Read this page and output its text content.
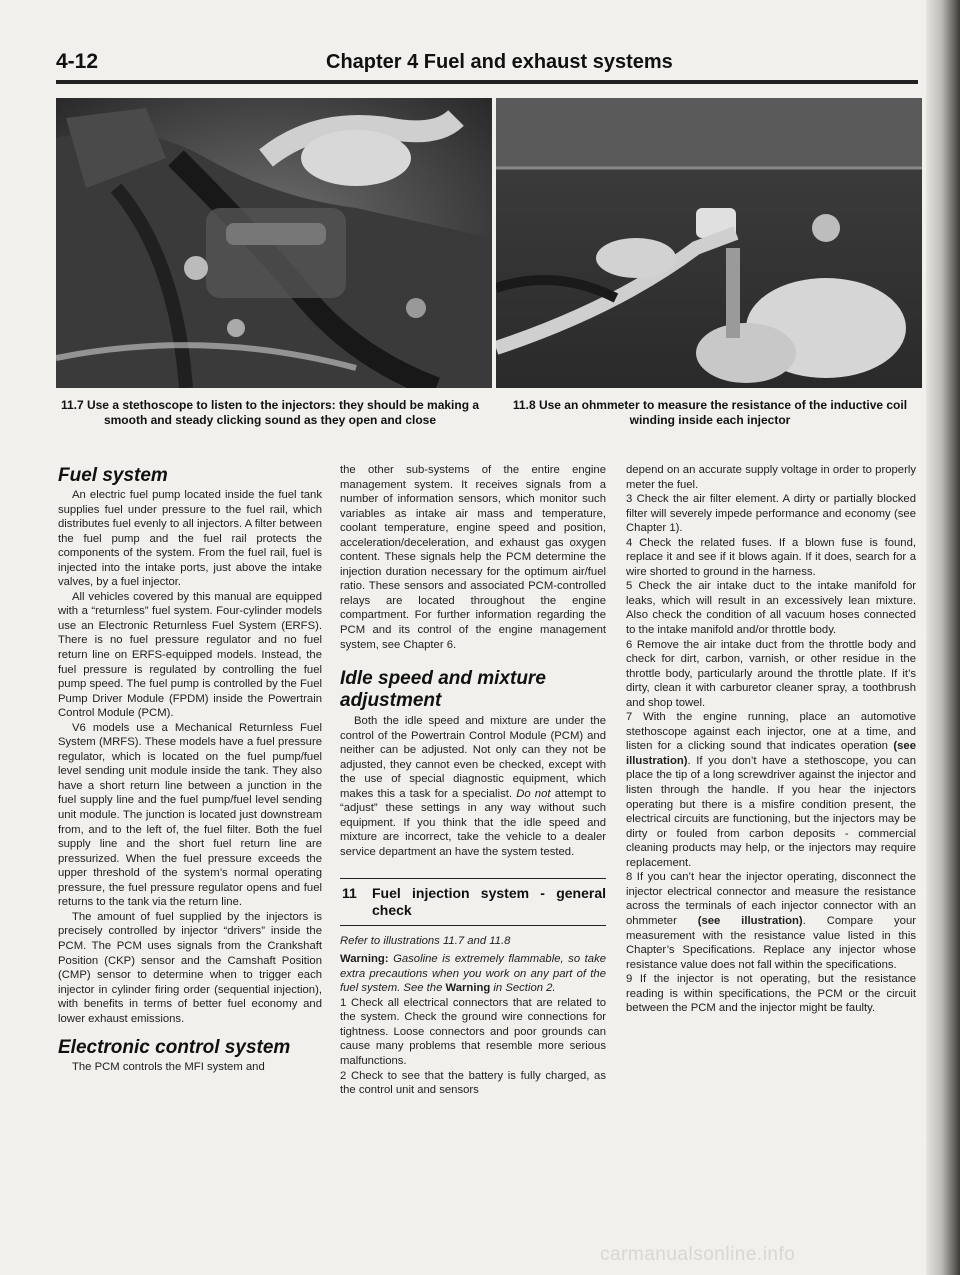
4-12	Chapter 4 Fuel and exhaust systems
11.7 Use a stethoscope to listen to the injectors: they should be making a smooth and steady clicking sound as they open and close
11.8 Use an ohmmeter to measure the resistance of the inductive coil winding inside each injector
Fuel system

An electric fuel pump located inside the fuel tank supplies fuel under pressure to the fuel rail, which distributes fuel evenly to all injectors. A filter between the fuel pump and the fuel rail protects the components of the system. From the fuel rail, fuel is injected into the intake ports, just above the intake valves, by a fuel injector.

All vehicles covered by this manual are equipped with a “returnless” fuel system. Four-cylinder models use an Electronic Returnless Fuel System (ERFS). There is no fuel pressure regulator and no fuel return line on ERFS-equipped models. Instead, the fuel pressure is regulated by controlling the fuel pump speed. The fuel pump is controlled by the Fuel Pump Driver Module (FPDM) inside the Powertrain Control Module (PCM).

V6 models use a Mechanical Returnless Fuel System (MRFS). These models have a fuel pressure regulator, which is located on the fuel pump/fuel level sending unit module inside the tank. They also have a short return line between a junction in the fuel supply line and the fuel pump/fuel level sending unit module. The junction is located just downstream from, and to the left of, the fuel filter. Both the fuel supply line and the short fuel return line are pressurized. When the fuel pressure exceeds the upper threshold of the system’s normal operating pressure, the fuel pressure regulator opens and fuel returns to the tank via the return line.

The amount of fuel supplied by the injectors is precisely controlled by injector “drivers” inside the PCM. The PCM uses signals from the Crankshaft Position (CKP) sensor and the Camshaft Position (CMP) sensor to determine when to trigger each injector in cylinder firing order (sequential injection), with benefits in terms of better fuel economy and lower exhaust emissions.

Electronic control system

The PCM controls the MFI system and

the other sub-systems of the entire engine management system. It receives signals from a number of information sensors, which monitor such variables as intake air mass and temperature, coolant temperature, engine speed and position, acceleration/deceleration, and exhaust gas oxygen content. These signals help the PCM determine the injection duration necessary for the optimum air/fuel ratio. These sensors and associated PCM-controlled relays are located throughout the engine compartment. For further information regarding the PCM and its control of the engine management system, see Chapter 6.

Idle speed and mixture
adjustment

Both the idle speed and mixture are under the control of the Powertrain Control Module (PCM) and neither can be adjusted. Not only can they not be adjusted, they cannot even be checked, except with the use of special diagnostic equipment, which makes this a task for a specialist. Do not attempt to “adjust” these settings in any way without such equipment. If you think that the idle speed and mixture are incorrect, take the vehicle to a dealer service department an have the system tested.

11	Fuel injection system - general check

Refer to illustrations 11.7 and 11.8

Warning: Gasoline is extremely flammable, so take extra precautions when you work on any part of the fuel system. See the Warning in Section 2.

1 Check all electrical connectors that are related to the system. Check the ground wire connections for tightness. Loose connectors and poor grounds can cause many problems that resemble more serious malfunctions.

2 Check to see that the battery is fully charged, as the control unit and sensors

depend on an accurate supply voltage in order to properly meter the fuel.

3 Check the air filter element. A dirty or partially blocked filter will severely impede performance and economy (see Chapter 1).

4 Check the related fuses. If a blown fuse is found, replace it and see if it blows again. If it does, search for a wire shorted to ground in the harness.

5 Check the air intake duct to the intake manifold for leaks, which will result in an excessively lean mixture. Also check the condition of all vacuum hoses connected to the intake manifold and/or throttle body.

6 Remove the air intake duct from the throttle body and check for dirt, carbon, varnish, or other residue in the throttle body, particularly around the throttle plate. If it’s dirty, clean it with carburetor cleaner spray, a toothbrush and shop towel.

7 With the engine running, place an automotive stethoscope against each injector, one at a time, and listen for a clicking sound that indicates operation (see illustration). If you don’t have a stethoscope, you can place the tip of a long screwdriver against the injector and listen through the handle. If you hear the injectors operating but there is a misfire condition present, the electrical circuits are functioning, but the injectors may be dirty or fouled from carbon deposits - commercial cleaning products may help, or the injectors may require replacement.

8 If you can’t hear the injector operating, disconnect the injector electrical connector and measure the resistance across the terminals of each injector connector with an ohmmeter (see illustration). Compare your measurement with the resistance value listed in this Chapter’s Specifications. Replace any injector whose resistance value does not fall within the specifications.

9 If the injector is not operating, but the resistance reading is within specifications, the PCM or the circuit between the PCM and the injector might be faulty.

carmanualsonline.info
